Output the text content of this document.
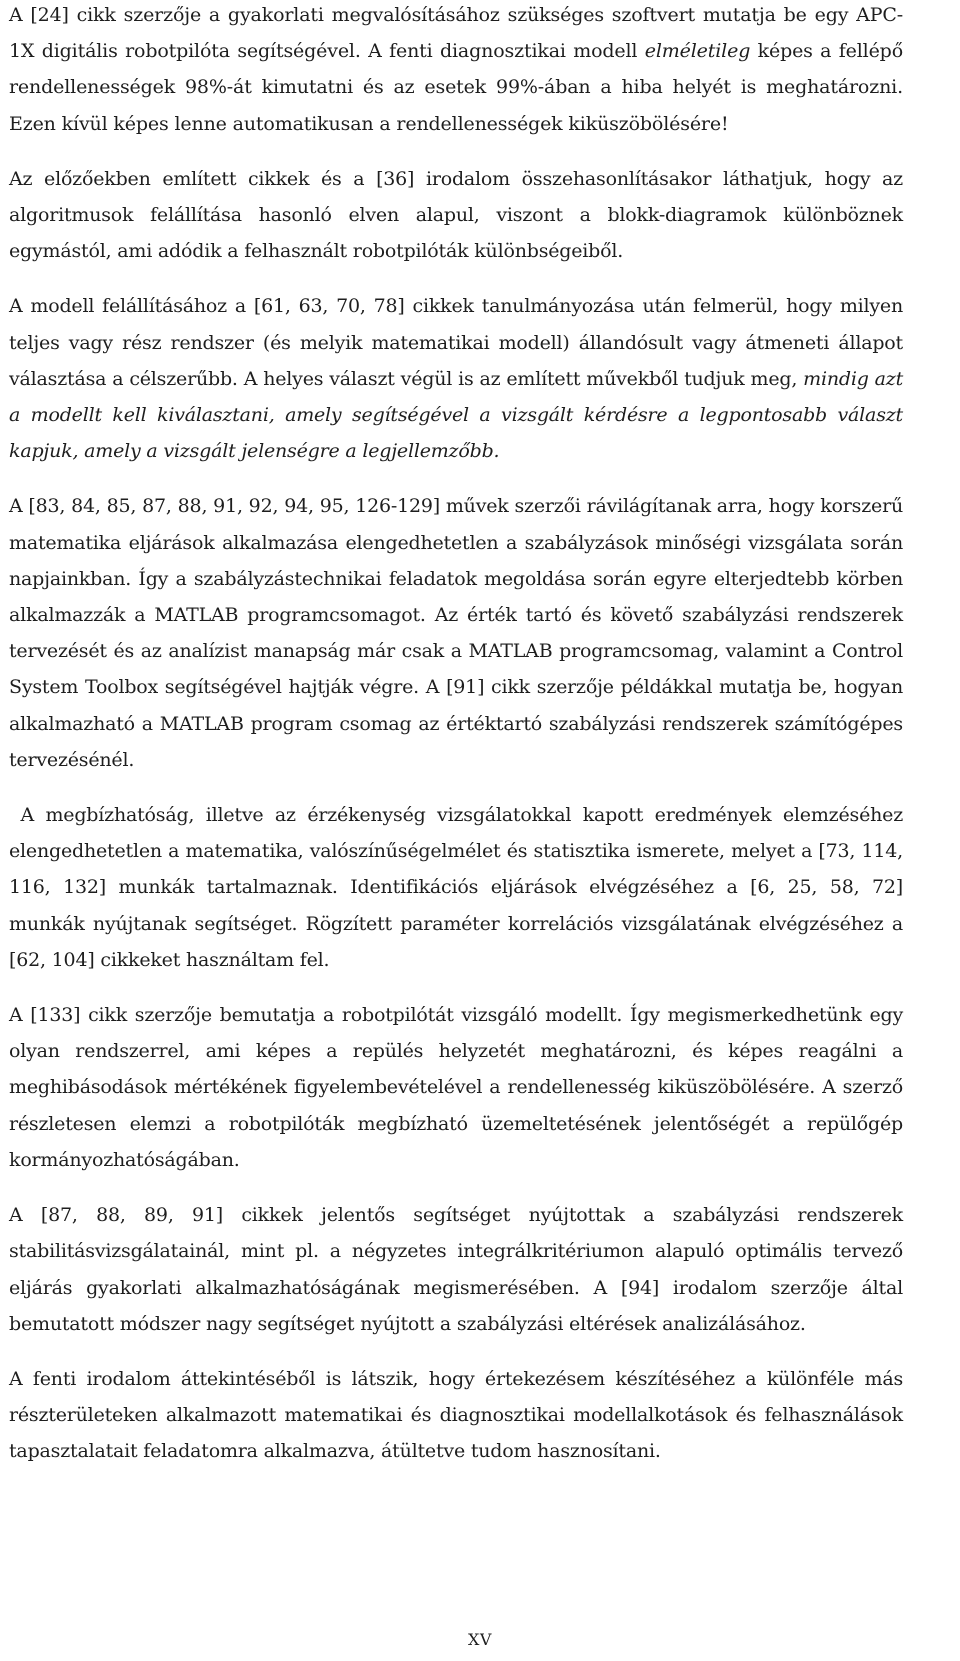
A [24] cikk szerzője a gyakorlati megvalósításához szükséges szoftvert mutatja be egy APC-1X digitális robotpilóta segítségével. A fenti diagnosztikai modell elméletileg képes a fellépő rendellenességek 98%-át kimutatni és az esetek 99%-ában a hiba helyét is meghatározni. Ezen kívül képes lenne automatikusan a rendellenességek kiküszöbölésére!

Az előzőekben említett cikkek és a [36] irodalom összehasonlításakor láthatjuk, hogy az algoritmusok felállítása hasonló elven alapul, viszont a blokk-diagramok különböznek egymástól, ami adódik a felhasznált robotpilóták különbségeiből.

A modell felállításához a [61, 63, 70, 78] cikkek tanulmányozása után felmerül, hogy milyen teljes vagy rész rendszer (és melyik matematikai modell) állandósult vagy átmeneti állapot választása a célszerűbb. A helyes választ végül is az említett művekből tudjuk meg, mindig azt a modellt kell kiválasztani, amely segítségével a vizsgált kérdésre a legpontosabb választ kapjuk, amely a vizsgált jelenségre a legjellemzőbb.

A [83, 84, 85, 87, 88, 91, 92, 94, 95, 126-129] művek szerzői rávilágítanak arra, hogy korszerű matematika eljárások alkalmazása elengedhetetlen a szabályzások minőségi vizsgálata során napjainkban. Így a szabályzástechnikai feladatok megoldása során egyre elterjedtebb körben alkalmazzák a MATLAB programcsomagot. Az érték tartó és követő szabályzási rendszerek tervezését és az analízist manapság már csak a MATLAB programcsomag, valamint a Control System Toolbox segítségével hajtják végre. A [91] cikk szerzője példákkal mutatja be, hogyan alkalmazható a MATLAB program csomag az értéktartó szabályzási rendszerek számítógépes tervezésénél.

A megbízhatóság, illetve az érzékenység vizsgálatokkal kapott eredmények elemzéséhez elengedhetetlen a matematika, valószínűségelmélet és statisztika ismerete, melyet a [73, 114, 116, 132] munkák tartalmaznak. Identifikációs eljárások elvégzéséhez a [6, 25, 58, 72] munkák nyújtanak segítséget. Rögzített paraméter korrelációs vizsgálatának elvégzéséhez a [62, 104] cikkeket használtam fel.

A [133] cikk szerzője bemutatja a robotpilótát vizsgáló modellt. Így megismerkedhetünk egy olyan rendszerrel, ami képes a repülés helyzetét meghatározni, és képes reagálni a meghibásodások mértékének figyelembevételével a rendellenesség kiküszöbölésére. A szerző részletesen elemzi a robotpilóták megbízható üzemeltetésének jelentőségét a repülőgép kormányozhatóságában.

A [87, 88, 89, 91] cikkek jelentős segítséget nyújtottak a szabályzási rendszerek stabilitásvizsgálatainál, mint pl. a négyzetes integrálkritériumon alapuló optimális tervező eljárás gyakorlati alkalmazhatóságának megismerésében. A [94] irodalom szerzője által bemutatott módszer nagy segítséget nyújtott a szabályzási eltérések analizálásához.

A fenti irodalom áttekintéséből is látszik, hogy értekezésem készítéséhez a különféle más részterületeken alkalmazott matematikai és diagnosztikai modellalkotások és felhasználások tapasztalatait feladatomra alkalmazva, átültetve tudom hasznosítani.

XV
